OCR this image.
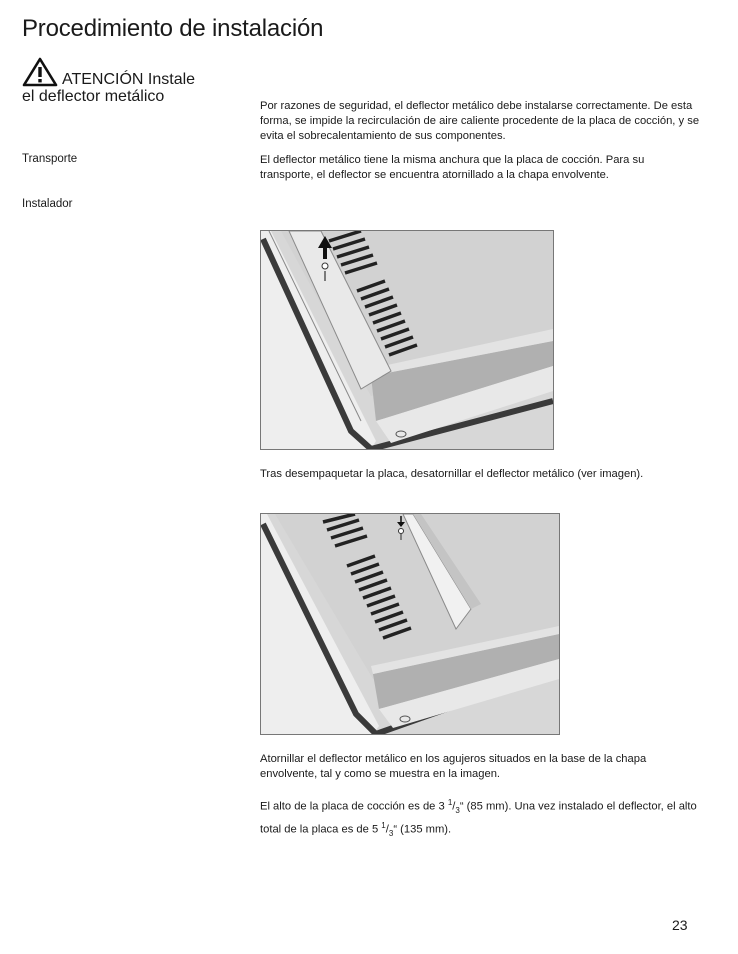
Procedimiento de instalación
ATENCIÓN Instale
el deflector metálico
Por razones de seguridad, el deflector metálico debe instalarse correctamente. De esta forma, se impide la recirculación de aire caliente procedente de la placa de cocción, y se evita el sobrecalentamiento de sus componentes.
Transporte	El deflector metálico tiene la misma anchura que la placa de cocción. Para su transporte, el deflector se encuentra atornillado a la chapa envolvente.
Instalador
Tras desempaquetar la placa, desatornillar el deflector metálico (ver imagen).
Atornillar el deflector metálico en los agujeros situados en la base de la chapa envolvente, tal y como se muestra en la imagen.
El alto de la placa de cocción es de 3 $^1/_3“$ (85 mm). Una vez instalado el deflector, el alto total de la placa es de 5 $^1/_3“$ (135 mm).
23
